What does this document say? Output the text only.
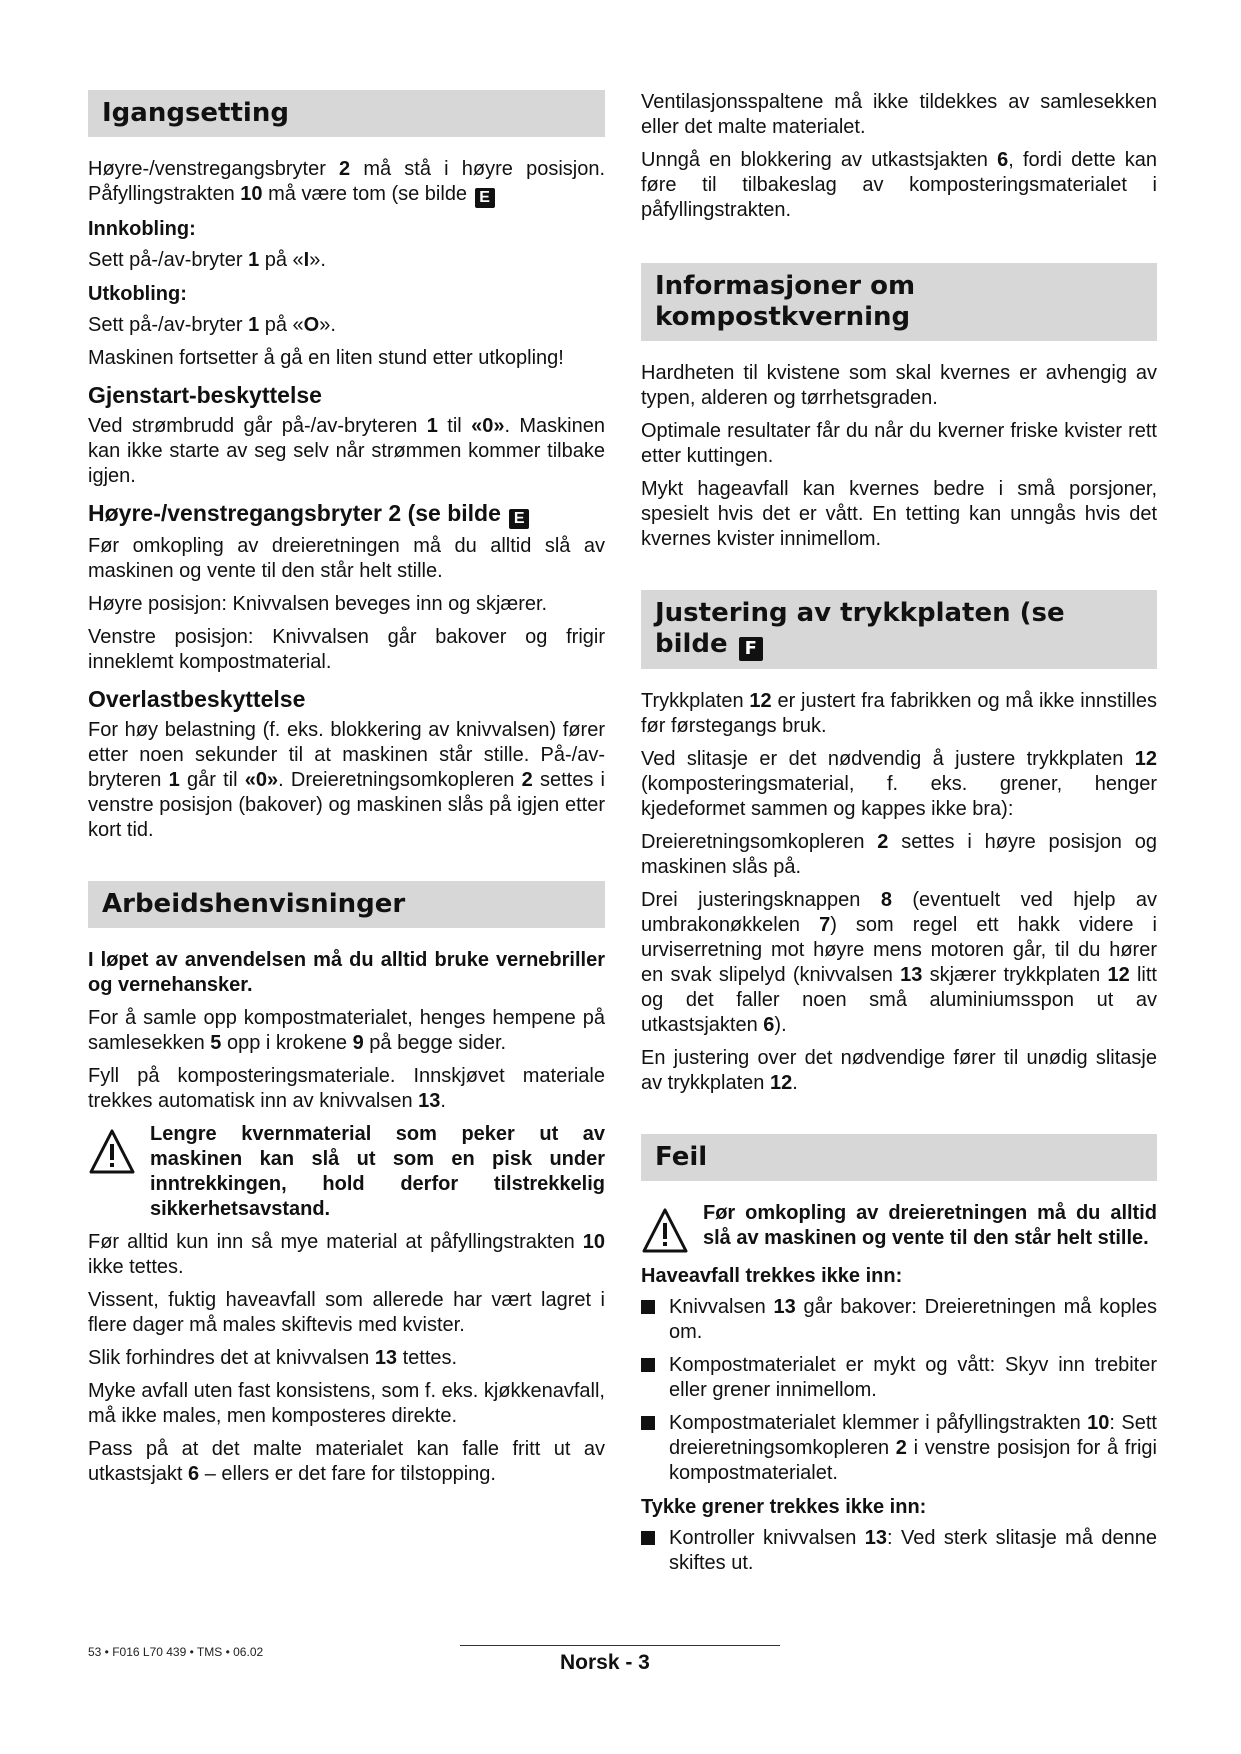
Igangsetting

Høyre-/venstregangsbryter 2 må stå i høyre posisjon. Påfyllingstrakten 10 må være tom (se bilde E

Innkobling:

Sett på-/av-bryter 1 på «I».

Utkobling:

Sett på-/av-bryter 1 på «O».

Maskinen fortsetter å gå en liten stund etter utkopling!

Gjenstart-beskyttelse

Ved strømbrudd går på-/av-bryteren 1 til «0». Maskinen kan ikke starte av seg selv når strømmen kommer tilbake igjen.

Høyre-/venstregangsbryter 2 (se bilde E

Før omkopling av dreieretningen må du alltid slå av maskinen og vente til den står helt stille.

Høyre posisjon: Knivvalsen beveges inn og skjærer.

Venstre posisjon: Knivvalsen går bakover og frigir inneklemt kompostmaterial.

Overlastbeskyttelse

For høy belastning (f. eks. blokkering av knivvalsen) fører etter noen sekunder til at maskinen står stille. På-/av-bryteren 1 går til «0». Dreieretningsomkopleren 2 settes i venstre posisjon (bakover) og maskinen slås på igjen etter kort tid.

Arbeidshenvisninger

I løpet av anvendelsen må du alltid bruke vernebriller og vernehansker.

For å samle opp kompostmaterialet, henges hempene på samlesekken 5 opp i krokene 9 på begge sider.

Fyll på komposteringsmateriale. Innskjøvet materiale trekkes automatisk inn av knivvalsen 13.

Lengre kvernmaterial som peker ut av maskinen kan slå ut som en pisk under inntrekkingen, hold derfor tilstrekkelig sikkerhetsavstand.

Før alltid kun inn så mye material at påfyllingstrakten 10 ikke tettes.

Vissent, fuktig haveavfall som allerede har vært lagret i flere dager må males skiftevis med kvister.

Slik forhindres det at knivvalsen 13 tettes.

Myke avfall uten fast konsistens, som f. eks. kjøkkenavfall, må ikke males, men komposteres direkte.

Pass på at det malte materialet kan falle fritt ut av utkastsjakt 6 – ellers er det fare for tilstopping.

Ventilasjonsspaltene må ikke tildekkes av samlesekken eller det malte materialet.

Unngå en blokkering av utkastsjakten 6, fordi dette kan føre til tilbakeslag av komposteringsmaterialet i påfyllingstrakten.

Informasjoner om kompostkverning

Hardheten til kvistene som skal kvernes er avhengig av typen, alderen og tørrhetsgraden.

Optimale resultater får du når du kverner friske kvister rett etter kuttingen.

Mykt hageavfall kan kvernes bedre i små porsjoner, spesielt hvis det er vått. En tetting kan unngås hvis det kvernes kvister innimellom.

Justering av trykkplaten (se bilde F

Trykkplaten 12 er justert fra fabrikken og må ikke innstilles før førstegangs bruk.

Ved slitasje er det nødvendig å justere trykkplaten 12 (komposteringsmaterial, f. eks. grener, henger kjedeformet sammen og kappes ikke bra):

Dreieretningsomkopleren 2 settes i høyre posisjon og maskinen slås på.

Drei justeringsknappen 8 (eventuelt ved hjelp av umbrakonøkkelen 7) som regel ett hakk videre i urviserretning mot høyre mens motoren går, til du hører en svak slipelyd (knivvalsen 13 skjærer trykkplaten 12 litt og det faller noen små aluminiumsspon ut av utkastsjakten 6).

En justering over det nødvendige fører til unødig slitasje av trykkplaten 12.

Feil
Før omkopling av dreieretningen må du alltid slå av maskinen og vente til den står helt stille.
Haveavfall trekkes ikke inn:
Knivvalsen 13 går bakover: Dreieretningen må koples om.
Kompostmaterialet er mykt og vått: Skyv inn trebiter eller grener innimellom.
Kompostmaterialet klemmer i påfyllingstrakten 10: Sett dreieretningsomkopleren 2 i venstre posisjon for å frigi kompostmaterialet.
Tykke grener trekkes ikke inn:
Kontroller knivvalsen 13: Ved sterk slitasje må denne skiftes ut.
53 • F016 L70 439 • TMS • 06.02	Norsk - 3
